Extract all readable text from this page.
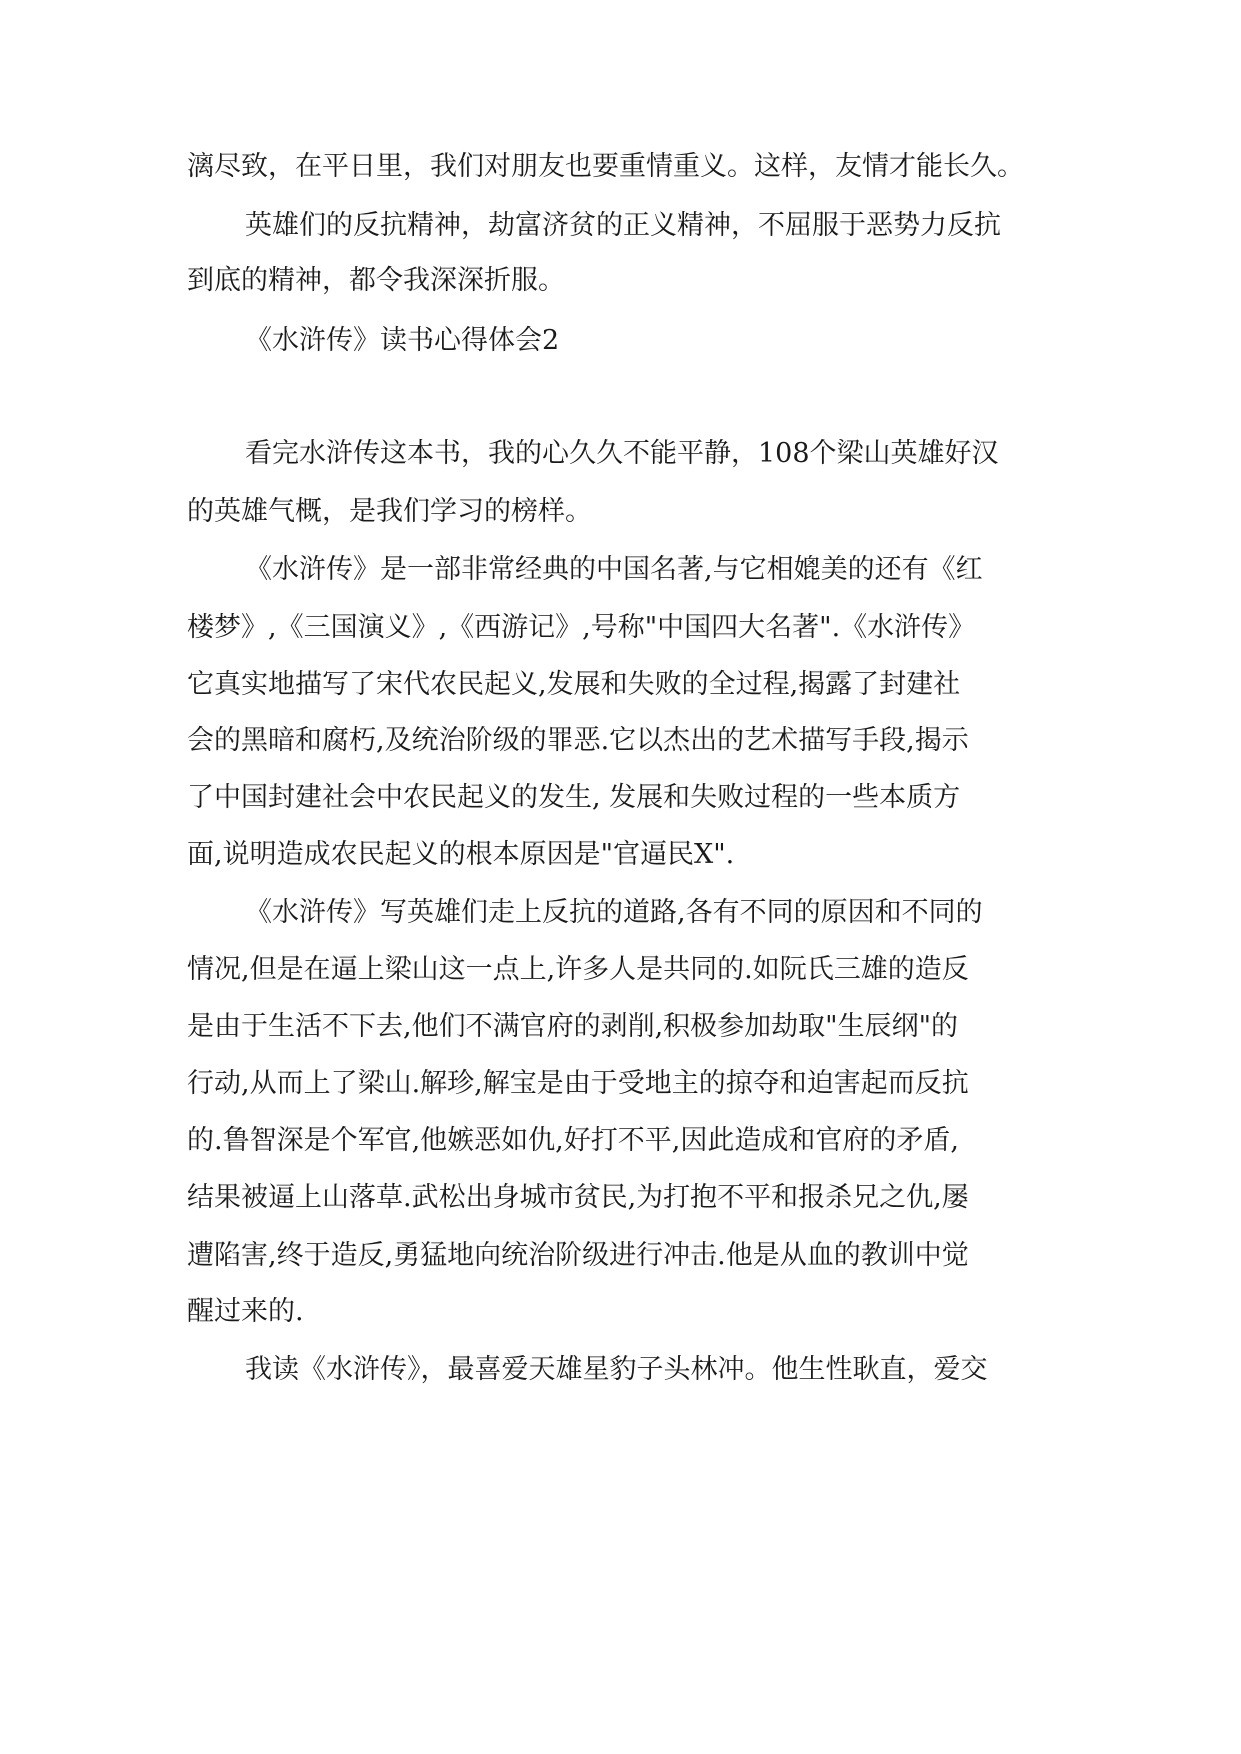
漓尽致，在平日里，我们对朋友也要重情重义。这样，友情才能长久。

英雄们的反抗精神，劫富济贫的正义精神，不屈服于恶势力反抗

到底的精神，都令我深深折服。

《水浒传》读书心得体会2

看完水浒传这本书，我的心久久不能平静，108个梁山英雄好汉

的英雄气概，是我们学习的榜样。

《水浒传》是一部非常经典的中国名著,与它相媲美的还有《红

楼梦》,《三国演义》,《西游记》,号称"中国四大名著".《水浒传》

它真实地描写了宋代农民起义,发展和失败的全过程,揭露了封建社

会的黑暗和腐朽,及统治阶级的罪恶.它以杰出的艺术描写手段,揭示

了中国封建社会中农民起义的发生, 发展和失败过程的一些本质方

面,说明造成农民起义的根本原因是"官逼民X".

《水浒传》写英雄们走上反抗的道路,各有不同的原因和不同的

情况,但是在逼上梁山这一点上,许多人是共同的.如阮氏三雄的造反

是由于生活不下去,他们不满官府的剥削,积极参加劫取"生辰纲"的

行动,从而上了梁山.解珍,解宝是由于受地主的掠夺和迫害起而反抗

的.鲁智深是个军官,他嫉恶如仇,好打不平,因此造成和官府的矛盾,

结果被逼上山落草.武松出身城市贫民,为打抱不平和报杀兄之仇,屡

遭陷害,终于造反,勇猛地向统治阶级进行冲击.他是从血的教训中觉

醒过来的.

我读《水浒传》，最喜爱天雄星豹子头林冲。他生性耿直，爱交
